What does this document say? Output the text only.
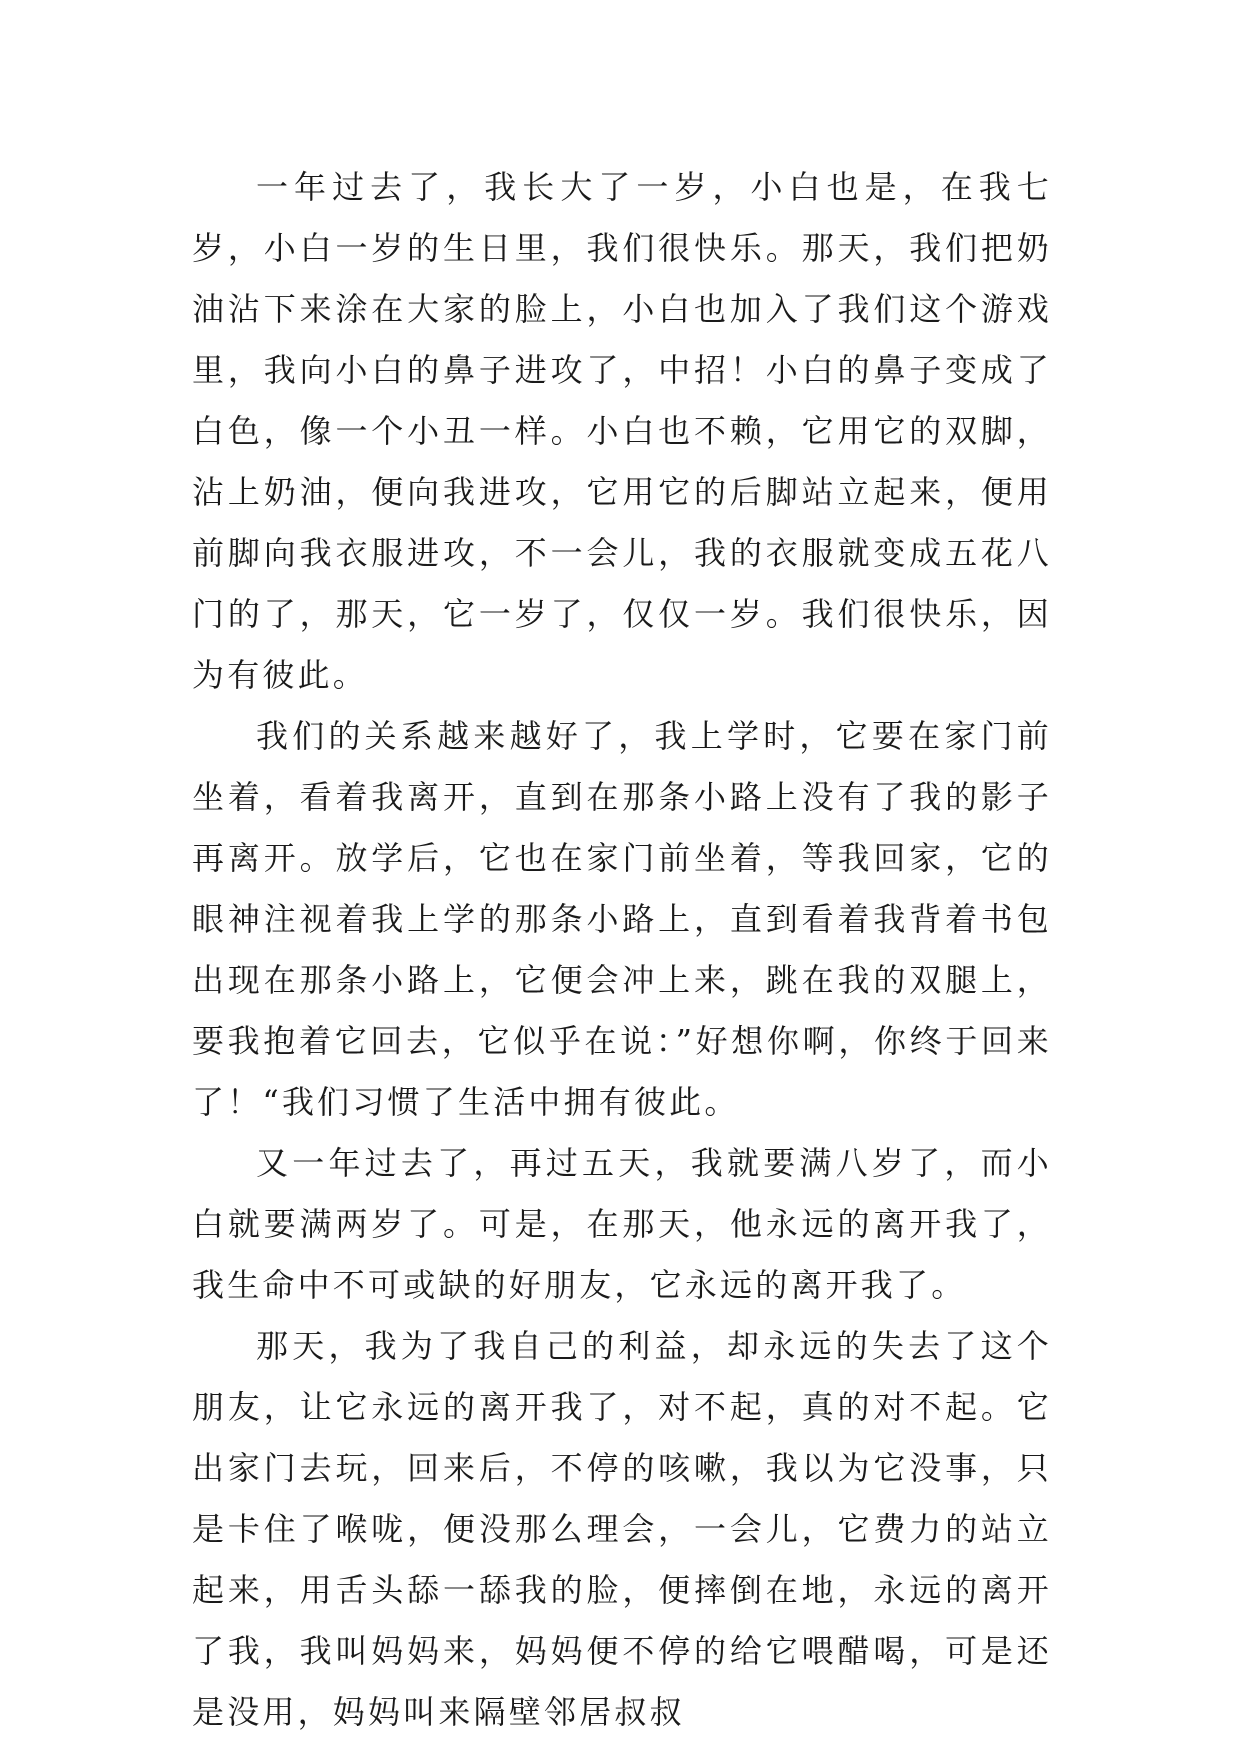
一年过去了，我长大了一岁，小白也是，在我七岁，小白一岁的生日里，我们很快乐。那天，我们把奶油沾下来涂在大家的脸上，小白也加入了我们这个游戏里，我向小白的鼻子进攻了，中招！小白的鼻子变成了白色，像一个小丑一样。小白也不赖，它用它的双脚，沾上奶油，便向我进攻，它用它的后脚站立起来，便用前脚向我衣服进攻，不一会儿，我的衣服就变成五花八门的了，那天，它一岁了，仅仅一岁。我们很快乐，因为有彼此。

我们的关系越来越好了，我上学时，它要在家门前坐着，看着我离开，直到在那条小路上没有了我的影子再离开。放学后，它也在家门前坐着，等我回家，它的眼神注视着我上学的那条小路上，直到看着我背着书包出现在那条小路上，它便会冲上来，跳在我的双腿上，要我抱着它回去，它似乎在说：”好想你啊，你终于回来了！“我们习惯了生活中拥有彼此。

又一年过去了，再过五天，我就要满八岁了，而小白就要满两岁了。可是，在那天，他永远的离开我了，我生命中不可或缺的好朋友，它永远的离开我了。

那天，我为了我自己的利益，却永远的失去了这个朋友，让它永远的离开我了，对不起，真的对不起。它出家门去玩，回来后，不停的咳嗽，我以为它没事，只是卡住了喉咙，便没那么理会，一会儿，它费力的站立起来，用舌头舔一舔我的脸，便摔倒在地，永远的离开了我，我叫妈妈来，妈妈便不停的给它喂醋喝，可是还是没用，妈妈叫来隔壁邻居叔叔
